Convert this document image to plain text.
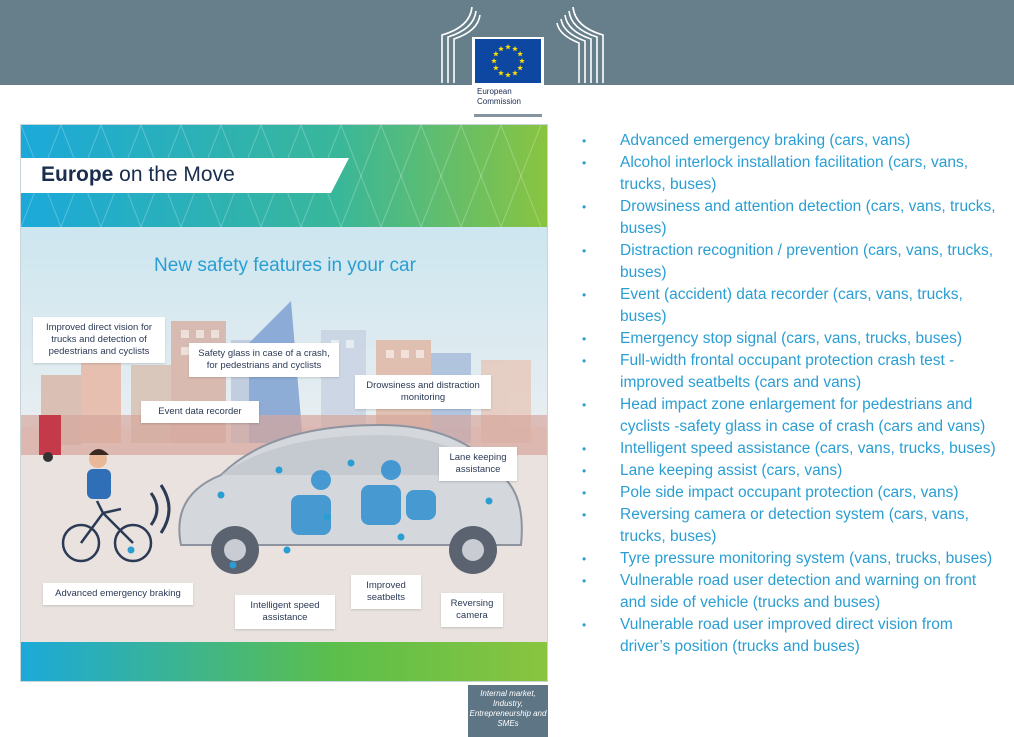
European
Commission
Europe on the Move
New safety features in your car
Improved direct vision for trucks and detection of pedestrians and cyclists	Safety glass in case of a crash, for pedestrians and cyclists
Drowsiness and distraction monitoring
Event data recorder
Lane keeping assistance
Advanced emergency braking
Intelligent speed assistance
Improved seatbelts
Reversing camera
• Advanced emergency braking (cars, vans)
• Alcohol interlock installation facilitation (cars, vans, trucks, buses)
• Drowsiness and attention detection (cars, vans, trucks, buses)
• Distraction recognition / prevention (cars, vans, trucks, buses)
• Event (accident) data recorder (cars, vans, trucks, buses)
• Emergency stop signal (cars, vans, trucks, buses)
• Full-width frontal occupant protection crash test - improved seatbelts (cars and vans)
• Head impact zone enlargement for pedestrians and cyclists -safety glass in case of crash (cars and vans)
• Intelligent speed assistance (cars, vans, trucks, buses)
• Lane keeping assist (cars, vans)
• Pole side impact occupant protection (cars, vans)
• Reversing camera or detection system (cars, vans, trucks, buses)
• Tyre pressure monitoring system (vans, trucks, buses)
• Vulnerable road user detection and warning on front and side of vehicle (trucks and buses)
• Vulnerable road user improved direct vision from driver’s position (trucks and buses)
Internal market, Industry, Entrepreneurship and SMEs
